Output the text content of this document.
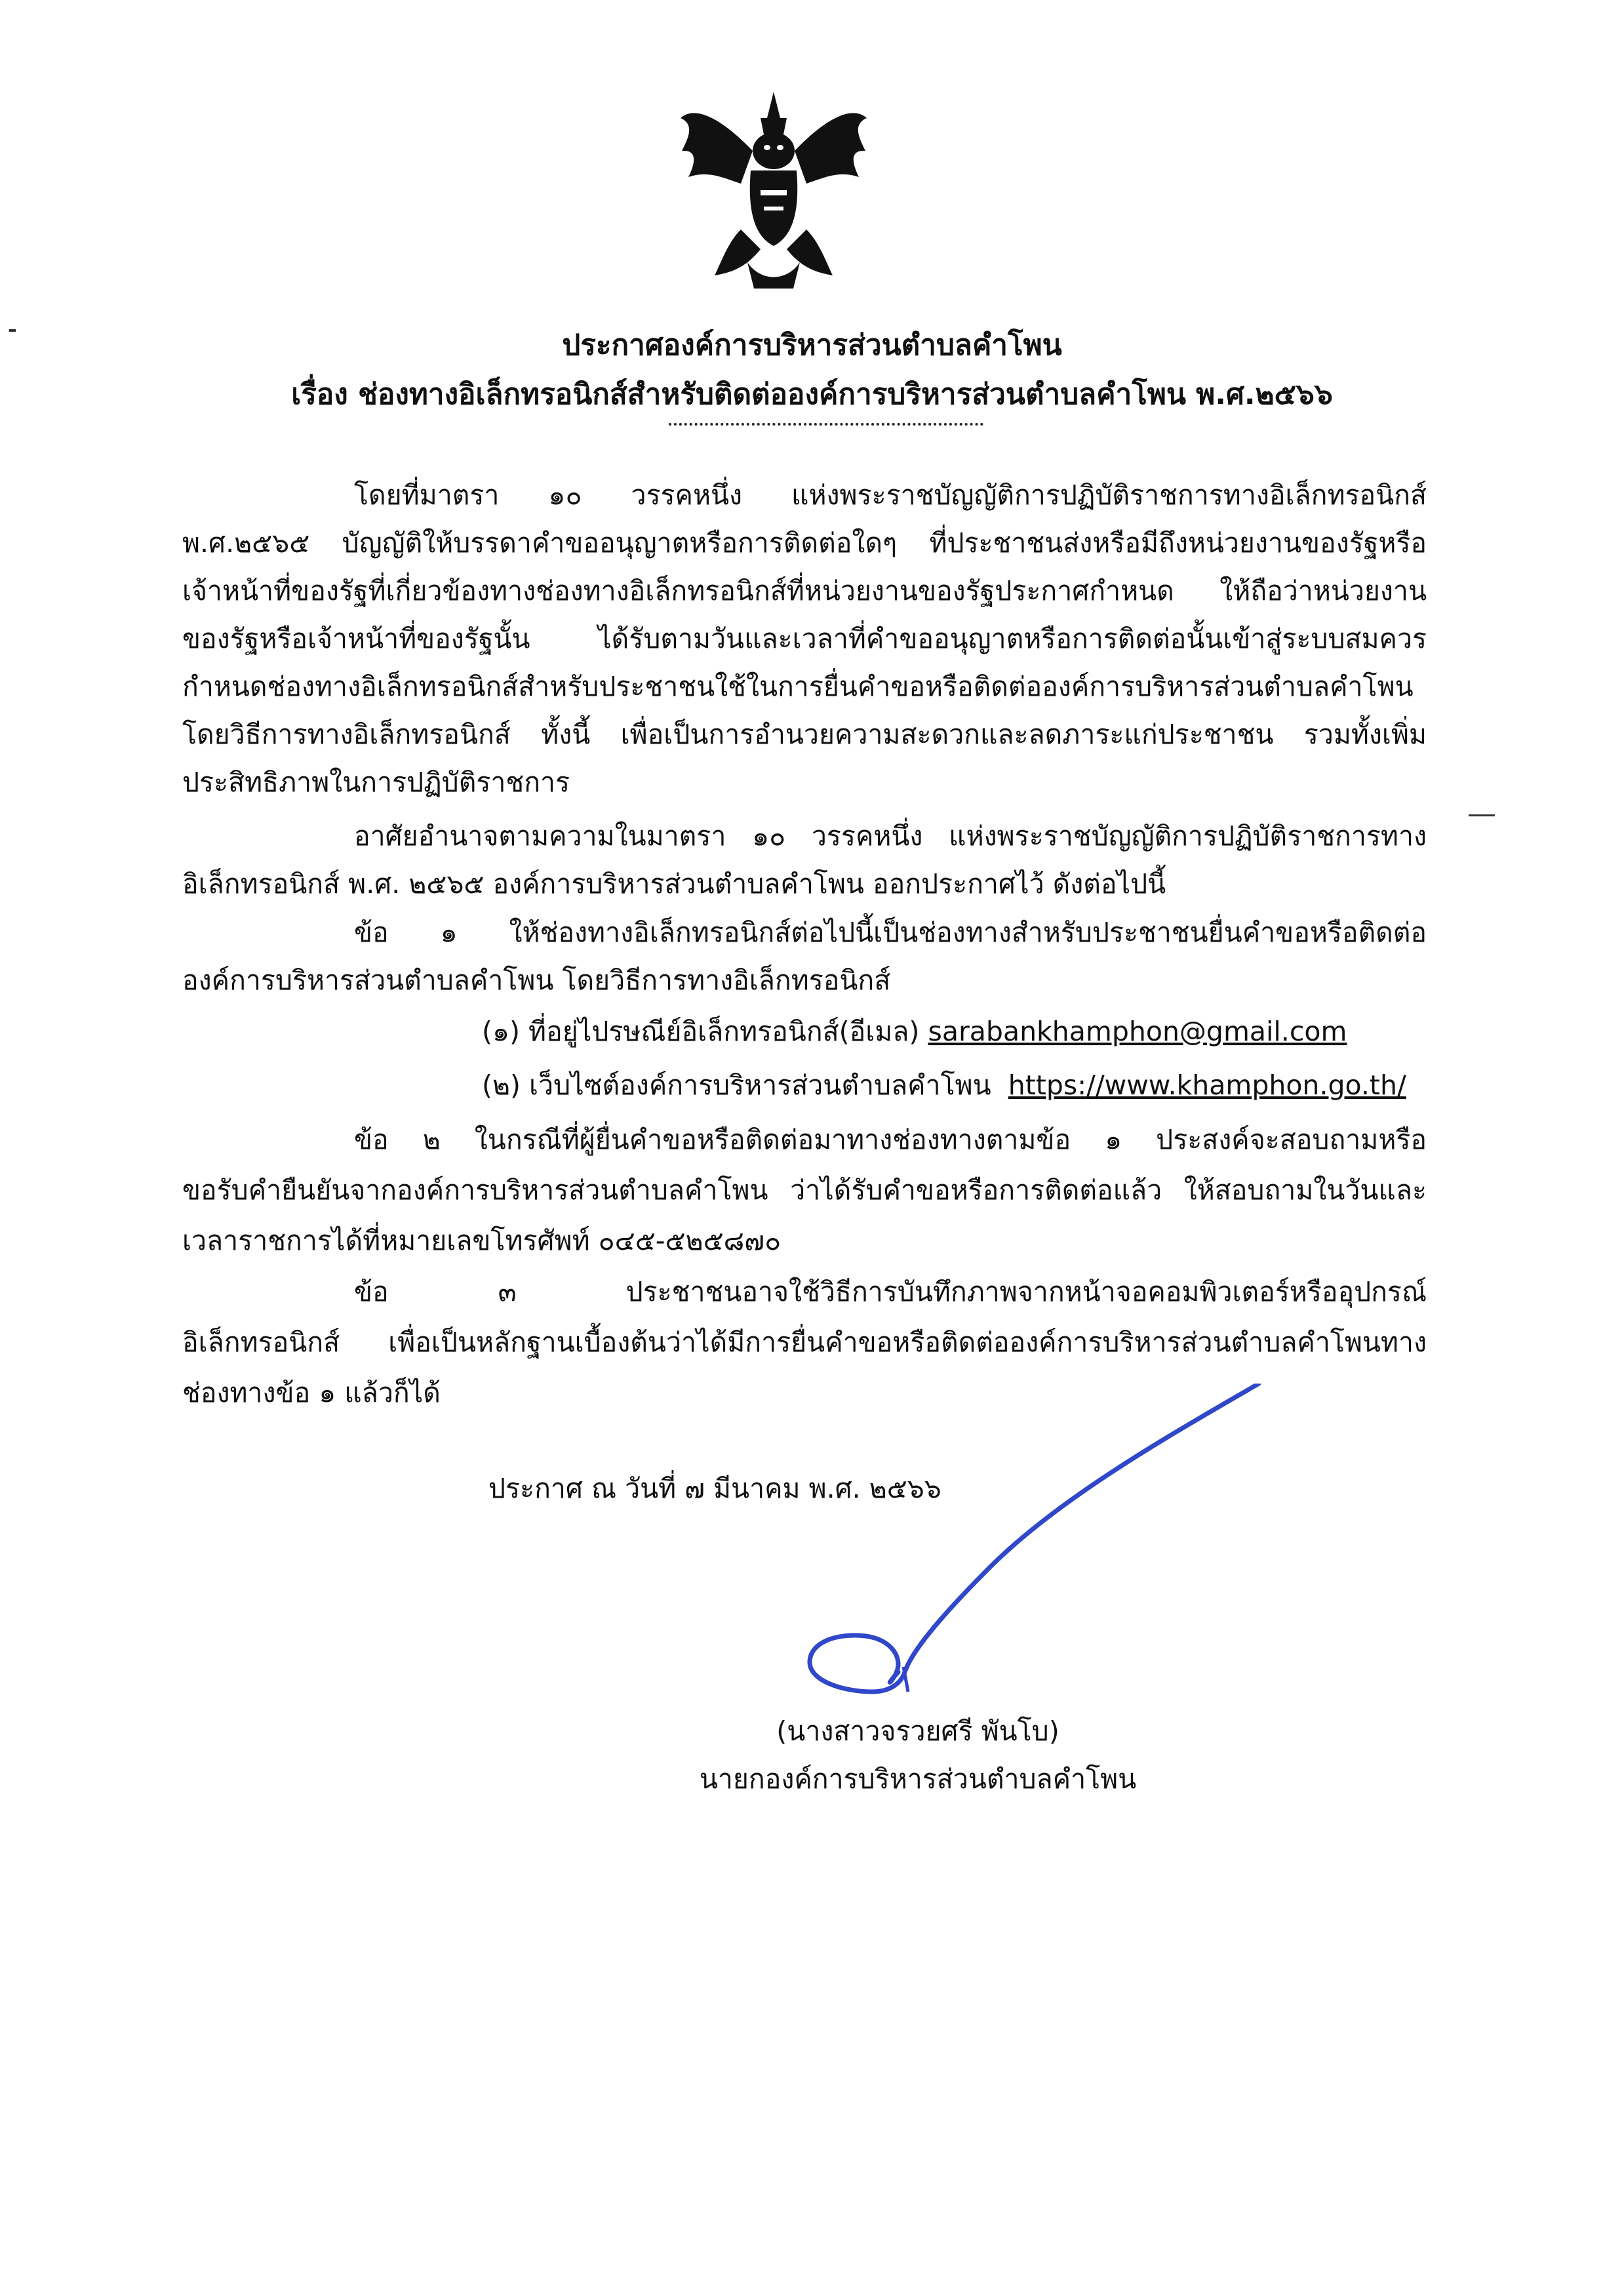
ประกาศองค์การบริหารส่วนตำบลคำโพน
เรื่อง ช่องทางอิเล็กทรอนิกส์สำหรับติดต่อองค์การบริหารส่วนตำบลคำโพน พ.ศ.๒๕๖๖
โดยที่มาตรา ๑๐ วรรคหนึ่ง แห่งพระราชบัญญัติการปฏิบัติราชการทางอิเล็กทรอนิกส์
พ.ศ.๒๕๖๕ บัญญัติให้บรรดาคำขออนุญาตหรือการติดต่อใดๆ ที่ประชาชนส่งหรือมีถึงหน่วยงานของรัฐหรือ
เจ้าหน้าที่ของรัฐที่เกี่ยวข้องทางช่องทางอิเล็กทรอนิกส์ที่หน่วยงานของรัฐประกาศกำหนด ให้ถือว่าหน่วยงาน
ของรัฐหรือเจ้าหน้าที่ของรัฐนั้น ได้รับตามวันและเวลาที่คำขออนุญาตหรือการติดต่อนั้นเข้าสู่ระบบสมควร
กำหนดช่องทางอิเล็กทรอนิกส์สำหรับประชาชนใช้ในการยื่นคำขอหรือติดต่อองค์การบริหารส่วนตำบลคำโพน
โดยวิธีการทางอิเล็กทรอนิกส์ ทั้งนี้ เพื่อเป็นการอำนวยความสะดวกและลดภาระแก่ประชาชน รวมทั้งเพิ่ม
ประสิทธิภาพในการปฏิบัติราชการ
อาศัยอำนาจตามความในมาตรา ๑๐ วรรคหนึ่ง แห่งพระราชบัญญัติการปฏิบัติราชการทาง
อิเล็กทรอนิกส์ พ.ศ. ๒๕๖๕ องค์การบริหารส่วนตำบลคำโพน ออกประกาศไว้ ดังต่อไปนี้
ข้อ ๑ ให้ช่องทางอิเล็กทรอนิกส์ต่อไปนี้เป็นช่องทางสำหรับประชาชนยื่นคำขอหรือติดต่อ
องค์การบริหารส่วนตำบลคำโพน โดยวิธีการทางอิเล็กทรอนิกส์
(๑) ที่อยู่ไปรษณีย์อิเล็กทรอนิกส์(อีเมล) sarabankhamphon@gmail.com
(๒) เว็บไซต์องค์การบริหารส่วนตำบลคำโพน https://www.khamphon.go.th/
ข้อ ๒ ในกรณีที่ผู้ยื่นคำขอหรือติดต่อมาทางช่องทางตามข้อ ๑ ประสงค์จะสอบถามหรือ
ขอรับคำยืนยันจากองค์การบริหารส่วนตำบลคำโพน ว่าได้รับคำขอหรือการติดต่อแล้ว ให้สอบถามในวันและ
เวลาราชการได้ที่หมายเลขโทรศัพท์ ๐๔๕-๕๒๕๘๗๐
ข้อ ๓ ประชาชนอาจใช้วิธีการบันทึกภาพจากหน้าจอคอมพิวเตอร์หรืออุปกรณ์
อิเล็กทรอนิกส์ เพื่อเป็นหลักฐานเบื้องต้นว่าได้มีการยื่นคำขอหรือติดต่อองค์การบริหารส่วนตำบลคำโพนทาง
ช่องทางข้อ ๑ แล้วก็ได้
ประกาศ ณ วันที่ ๗ มีนาคม พ.ศ. ๒๕๖๖
(นางสาวจรวยศรี พันโบ)
นายกองค์การบริหารส่วนตำบลคำโพน
